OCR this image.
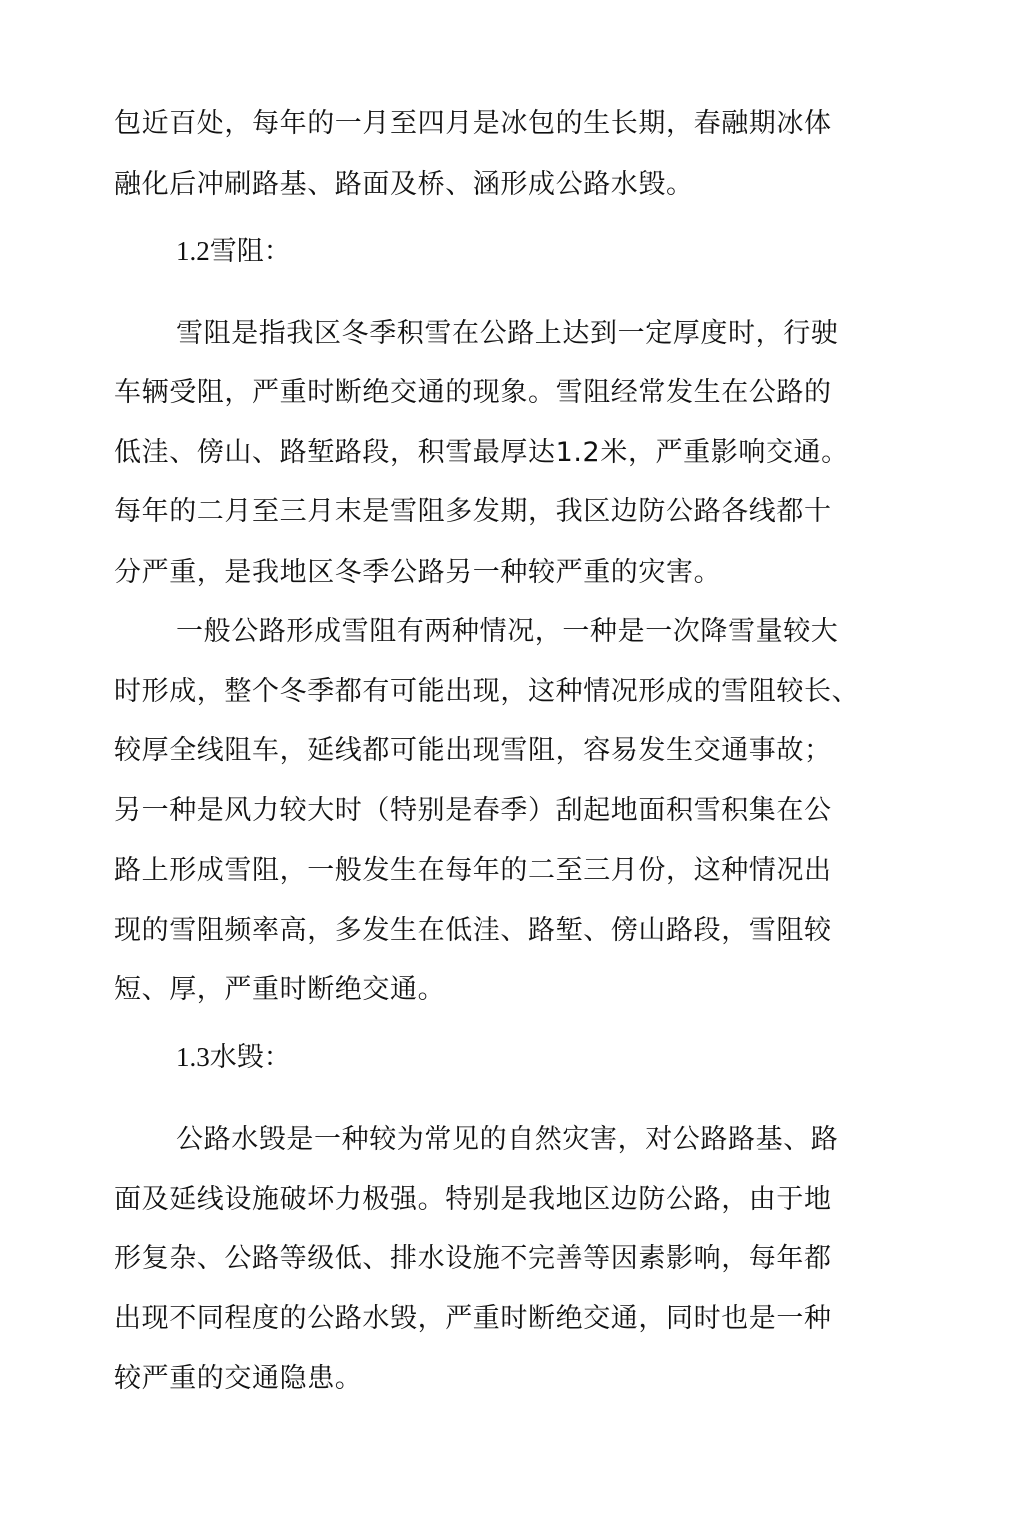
包近百处，每年的一月至四月是冰包的生长期，春融期冰体

融化后冲刷路基、路面及桥、涵形成公路水毁。

1.2雪阻：

雪阻是指我区冬季积雪在公路上达到一定厚度时，行驶

车辆受阻，严重时断绝交通的现象。雪阻经常发生在公路的

低洼、傍山、路堑路段，积雪最厚达1.2米，严重影响交通。

每年的二月至三月末是雪阻多发期，我区边防公路各线都十

分严重，是我地区冬季公路另一种较严重的灾害。

一般公路形成雪阻有两种情况，一种是一次降雪量较大

时形成，整个冬季都有可能出现，这种情况形成的雪阻较长、

较厚全线阻车，延线都可能出现雪阻，容易发生交通事故；

另一种是风力较大时（特别是春季）刮起地面积雪积集在公

路上形成雪阻，一般发生在每年的二至三月份，这种情况出

现的雪阻频率高，多发生在低洼、路堑、傍山路段，雪阻较

短、厚，严重时断绝交通。

1.3水毁：

公路水毁是一种较为常见的自然灾害，对公路路基、路

面及延线设施破坏力极强。特别是我地区边防公路，由于地

形复杂、公路等级低、排水设施不完善等因素影响，每年都

出现不同程度的公路水毁，严重时断绝交通，同时也是一种

较严重的交通隐患。
